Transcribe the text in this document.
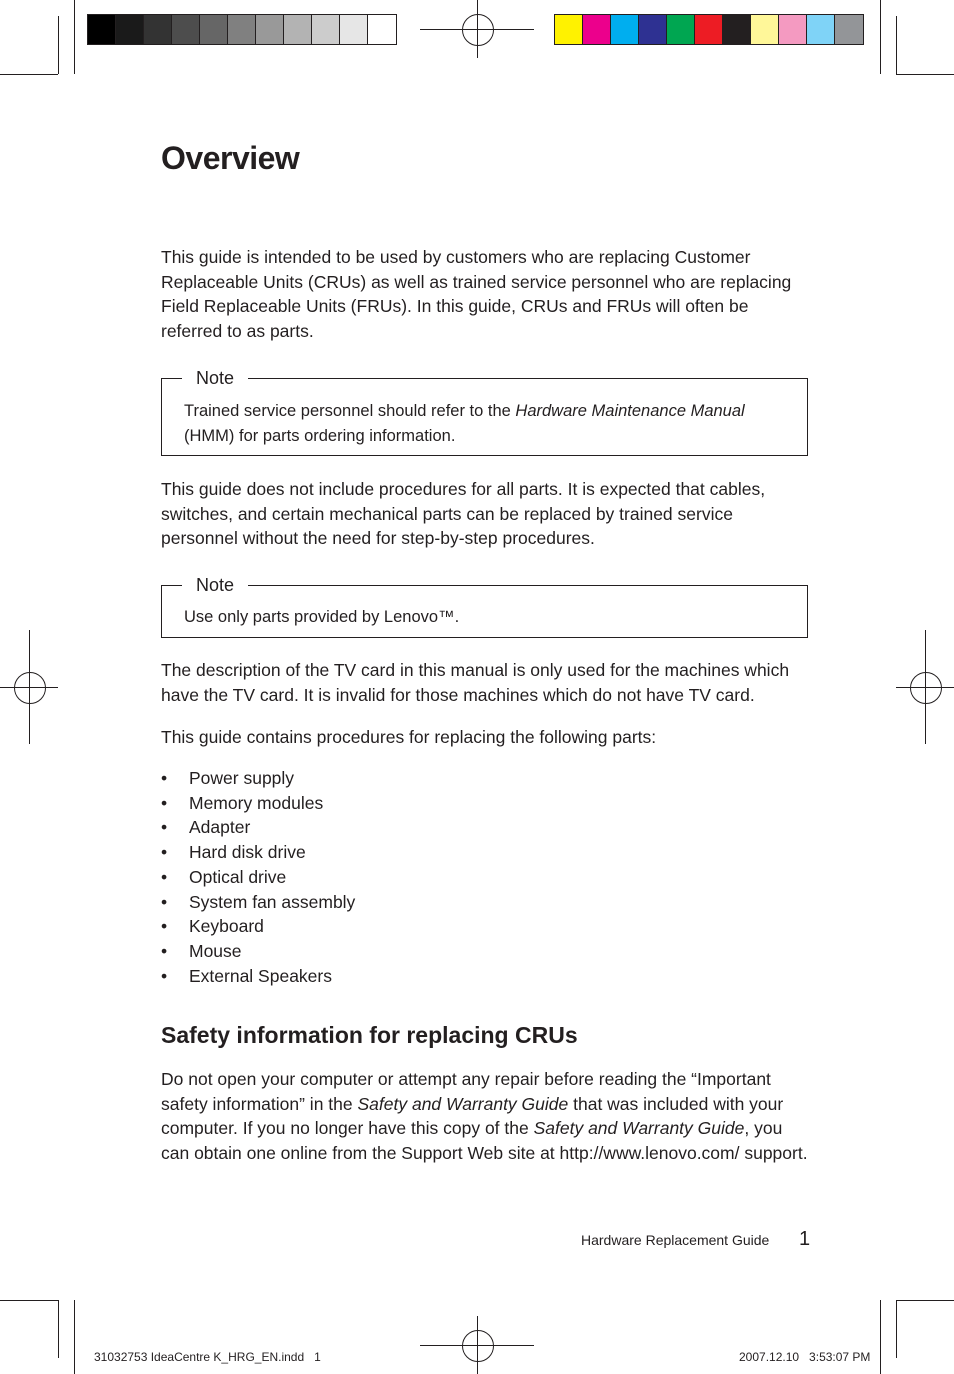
Overview

This guide is intended to be used by customers who are replacing Customer Replaceable Units (CRUs) as well as trained service personnel who are replacing Field Replaceable Units (FRUs). In this guide, CRUs and FRUs will often be referred to as parts.

Note
Trained service personnel should refer to the Hardware Maintenance Manual (HMM) for parts ordering information.

This guide does not include procedures for all parts. It is expected that cables, switches, and certain mechanical parts can be replaced by trained service personnel without the need for step-by-step procedures.

Note
Use only parts provided by Lenovo™.

The description of the TV card in this manual is only used for the machines which have the TV card. It is invalid for those machines which do not have TV card.

This guide contains procedures for replacing the following parts:

• Power supply
• Memory modules
• Adapter
• Hard disk drive
• Optical drive
• System fan assembly
• Keyboard
• Mouse
• External Speakers
Safety information for replacing CRUs

Do not open your computer or attempt any repair before reading the “Important safety information” in the Safety and Warranty Guide that was included with your computer. If you no longer have this copy of the Safety and Warranty Guide, you can obtain one online from the Support Web site at http://www.lenovo.com/ support.

Hardware Replacement Guide 1
31032753 IdeaCentre K_HRG_EN.indd   1	2007.12.10   3:53:07 PM
